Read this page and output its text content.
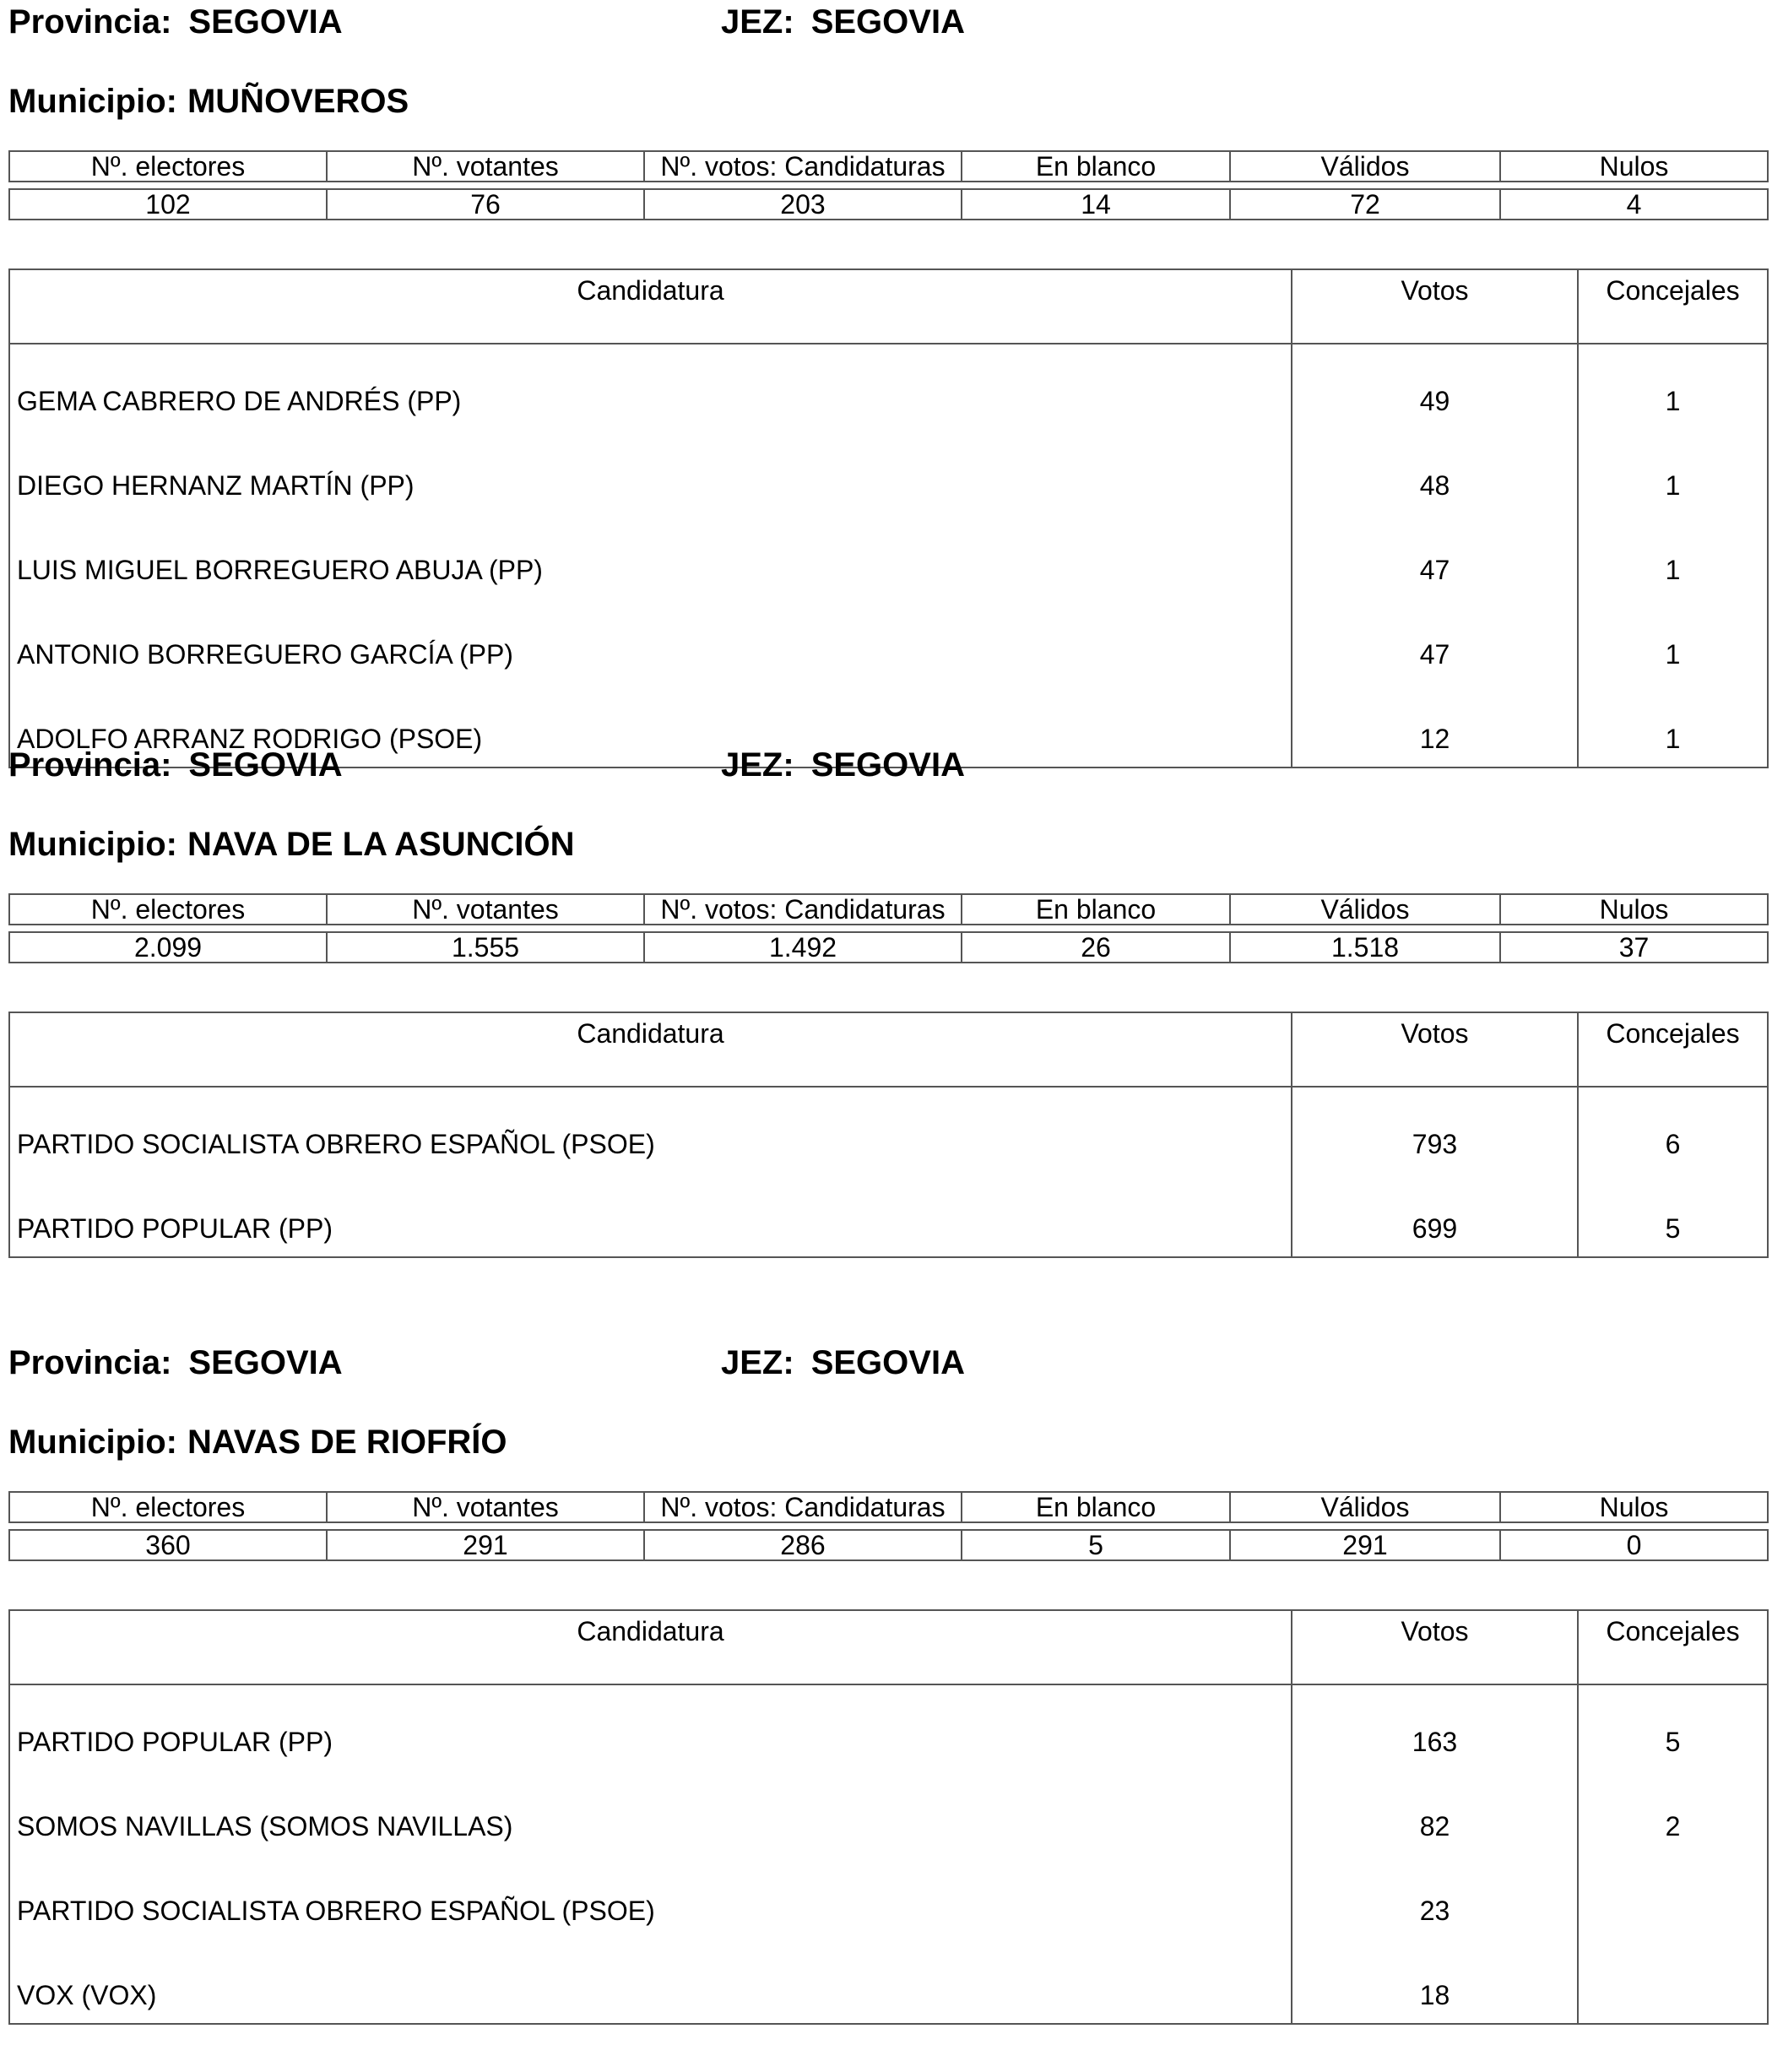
Provincia: SEGOVIA	JEZ: SEGOVIA
Municipio: MUÑOVEROS
Nº. electores	Nº. votantes	Nº. votos: Candidaturas	En blanco	Válidos	Nulos

102	76	203	14	72	4
Candidatura	Votos	Concejales
GEMA CABRERO DE ANDRÉS (PP)	49	1
DIEGO HERNANZ MARTÍN (PP)	48	1
LUIS MIGUEL BORREGUERO ABUJA (PP)	47	1
ANTONIO BORREGUERO GARCÍA (PP)	47	1
ADOLFO ARRANZ RODRIGO (PSOE)	12	1
Provincia: SEGOVIA	JEZ: SEGOVIA
Municipio: NAVA DE LA ASUNCIÓN
Nº. electores	Nº. votantes	Nº. votos: Candidaturas	En blanco	Válidos	Nulos

2.099	1.555	1.492	26	1.518	37
Candidatura	Votos	Concejales
PARTIDO SOCIALISTA OBRERO ESPAÑOL (PSOE)	793	6
PARTIDO POPULAR (PP)	699	5
Provincia: SEGOVIA	JEZ: SEGOVIA
Municipio: NAVAS DE RIOFRÍO
Nº. electores	Nº. votantes	Nº. votos: Candidaturas	En blanco	Válidos	Nulos

360	291	286	5	291	0
Candidatura	Votos	Concejales
PARTIDO POPULAR (PP)	163	5
SOMOS NAVILLAS (SOMOS NAVILLAS)	82	2
PARTIDO SOCIALISTA OBRERO ESPAÑOL (PSOE)	23	
VOX (VOX)	18	
